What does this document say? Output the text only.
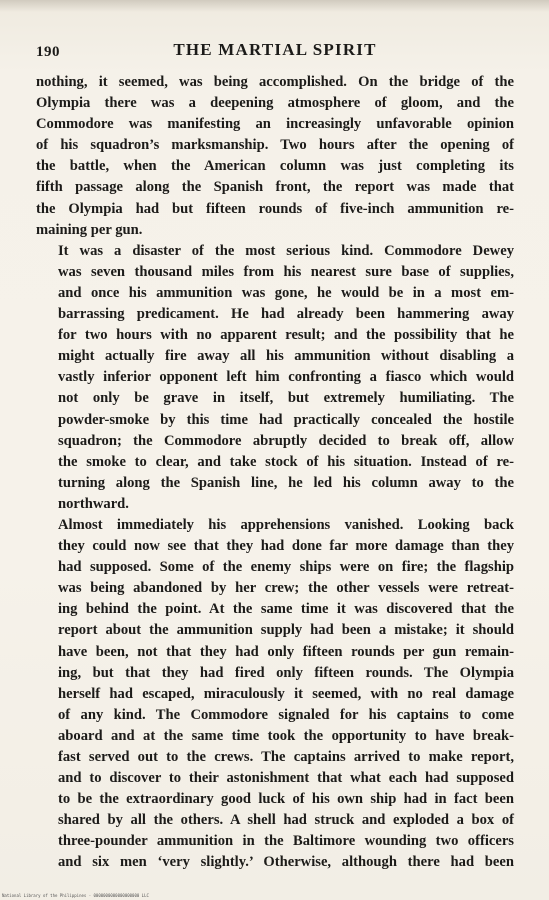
190	THE MARTIAL SPIRIT

nothing, it seemed, was being accomplished. On the bridge of the
Olympia there was a deepening atmosphere of gloom, and the
Commodore was manifesting an increasingly unfavorable opinion
of his squadron’s marksmanship. Two hours after the opening of
the battle, when the American column was just completing its
fifth passage along the Spanish front, the report was made that
the Olympia had but fifteen rounds of five-inch ammunition re-
maining per gun.

It was a disaster of the most serious kind. Commodore Dewey
was seven thousand miles from his nearest sure base of supplies,
and once his ammunition was gone, he would be in a most em-
barrassing predicament. He had already been hammering away
for two hours with no apparent result; and the possibility that he
might actually fire away all his ammunition without disabling a
vastly inferior opponent left him confronting a fiasco which would
not only be grave in itself, but extremely humiliating. The
powder-smoke by this time had practically concealed the hostile
squadron; the Commodore abruptly decided to break off, allow
the smoke to clear, and take stock of his situation. Instead of re-
turning along the Spanish line, he led his column away to the
northward.

Almost immediately his apprehensions vanished. Looking back
they could now see that they had done far more damage than they
had supposed. Some of the enemy ships were on fire; the flagship
was being abandoned by her crew; the other vessels were retreat-
ing behind the point. At the same time it was discovered that the
report about the ammunition supply had been a mistake; it should
have been, not that they had only fifteen rounds per gun remain-
ing, but that they had fired only fifteen rounds. The Olympia
herself had escaped, miraculously it seemed, with no real damage
of any kind. The Commodore signaled for his captains to come
aboard and at the same time took the opportunity to have break-
fast served out to the crews. The captains arrived to make report,
and to discover to their astonishment that what each had supposed
to be the extraordinary good luck of his own ship had in fact been
shared by all the others. A shell had struck and exploded a box of
three-pounder ammunition in the Baltimore wounding two officers
and six men ‘very slightly.’ Otherwise, although there had been

National Library of the Philippines · 0000000000000000000 LLC
